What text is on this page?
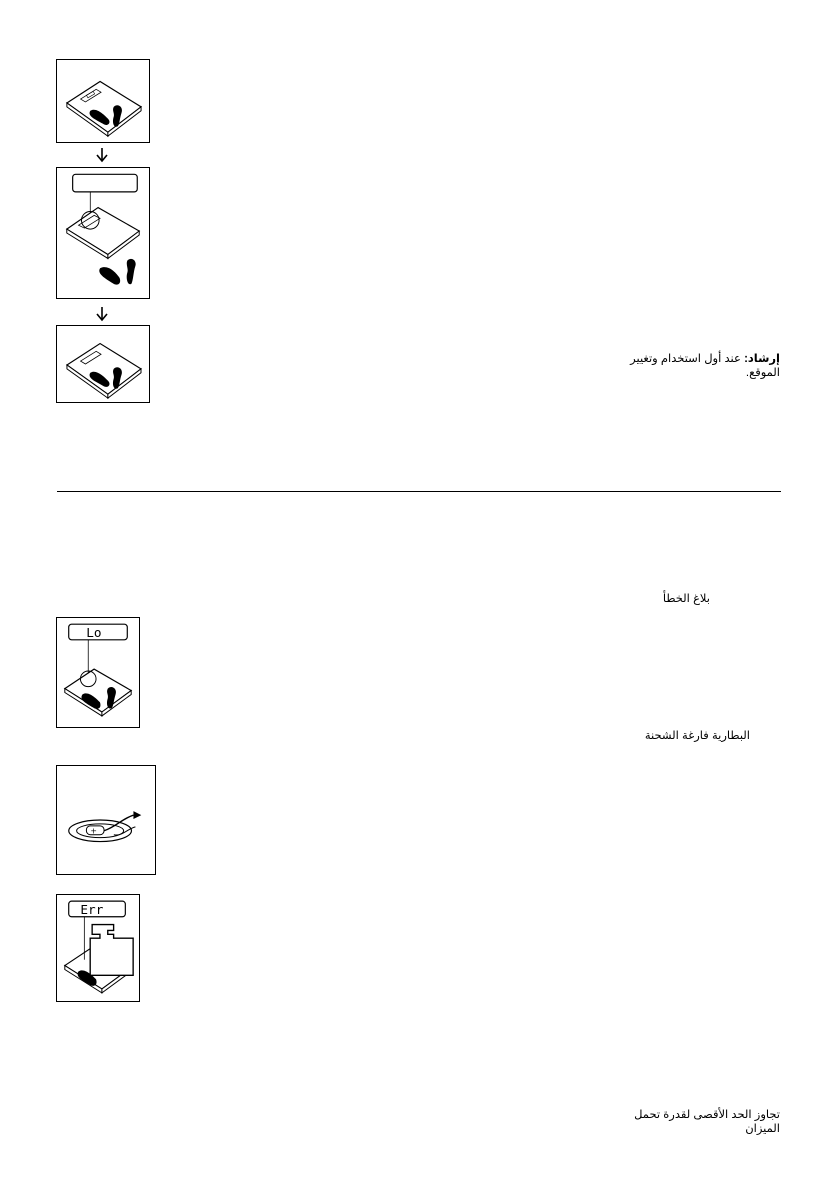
إرشاد: عند أول استخدام وتغيير الموقع.
بلاغ الخطأ
Lo
البطارية فارغة الشحنة
+
Err
تجاوز الحد الأقصى لقدرة تحمل الميزان
